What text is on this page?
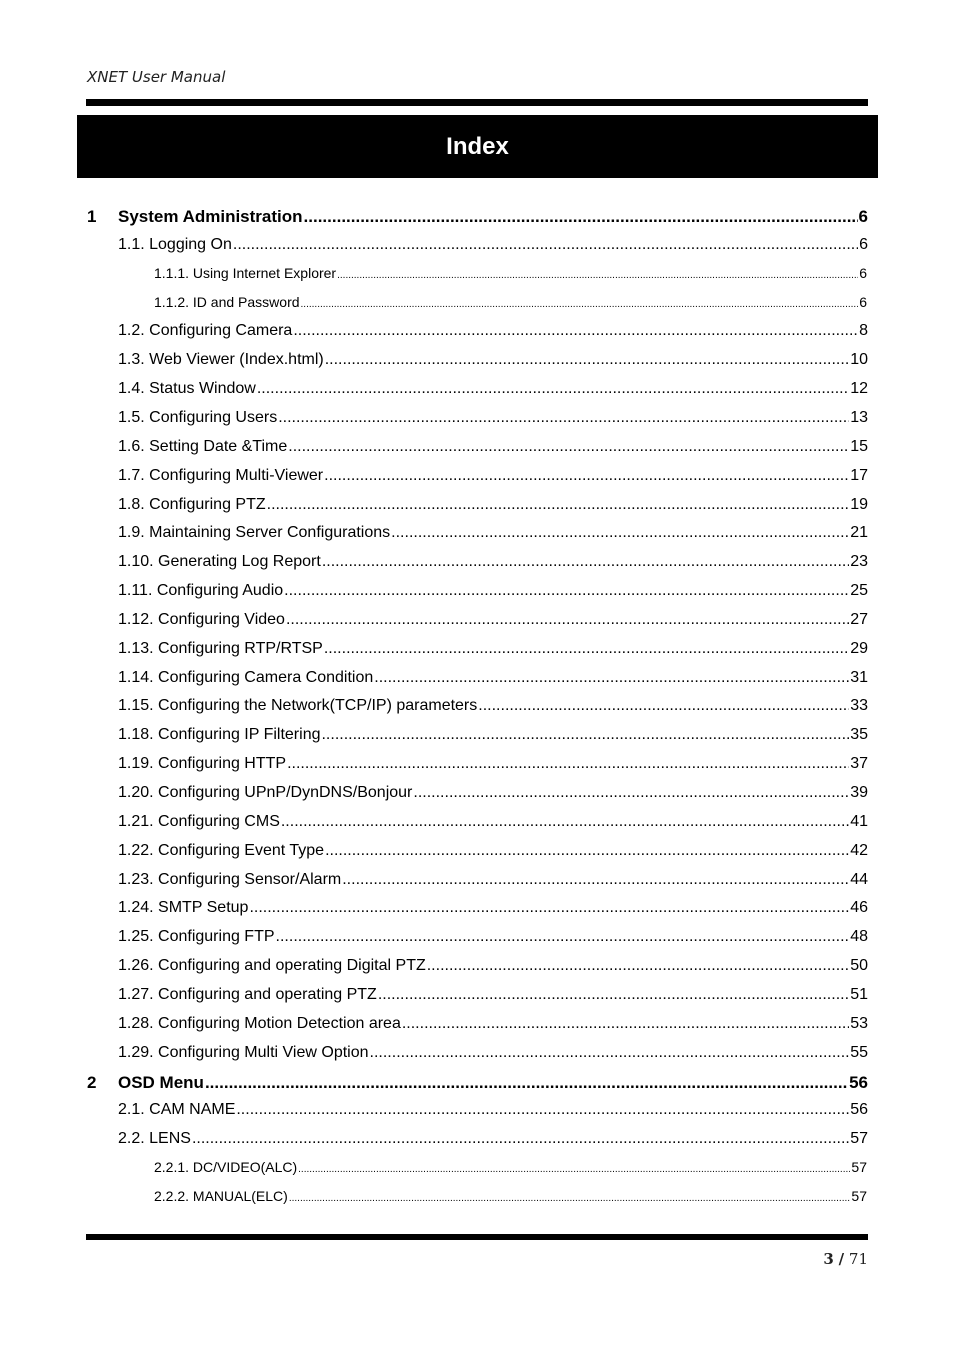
XNET User Manual
Index
1	System Administration .....	6
1.1. Logging On .....	6
1.1.1. Using Internet Explorer .....	6
1.1.2. ID and Password .....	6
1.2. Configuring Camera .....	8
1.3. Web Viewer (Index.html) .....	10
1.4. Status Window .....	12
1.5. Configuring Users .....	13
1.6. Setting Date &Time .....	15
1.7. Configuring Multi-Viewer .....	17
1.8. Configuring PTZ .....	19
1.9. Maintaining Server Configurations .....	21
1.10. Generating Log Report .....	23
1.11. Configuring Audio .....	25
1.12. Configuring Video .....	27
1.13. Configuring RTP/RTSP .....	29
1.14. Configuring Camera Condition .....	31
1.15. Configuring the Network(TCP/IP) parameters .....	33
1.18. Configuring IP Filtering .....	35
1.19. Configuring HTTP .....	37
1.20. Configuring UPnP/DynDNS/Bonjour .....	39
1.21. Configuring CMS .....	41
1.22. Configuring Event Type .....	42
1.23. Configuring Sensor/Alarm .....	44
1.24. SMTP Setup .....	46
1.25. Configuring FTP .....	48
1.26. Configuring and operating Digital PTZ .....	50
1.27. Configuring and operating PTZ .....	51
1.28. Configuring Motion Detection area .....	53
1.29. Configuring Multi View Option .....	55
2	OSD Menu .....	56
2.1. CAM NAME .....	56
2.2. LENS .....	57
2.2.1. DC/VIDEO(ALC) .....	57
2.2.2. MANUAL(ELC) .....	57
3 / 71
